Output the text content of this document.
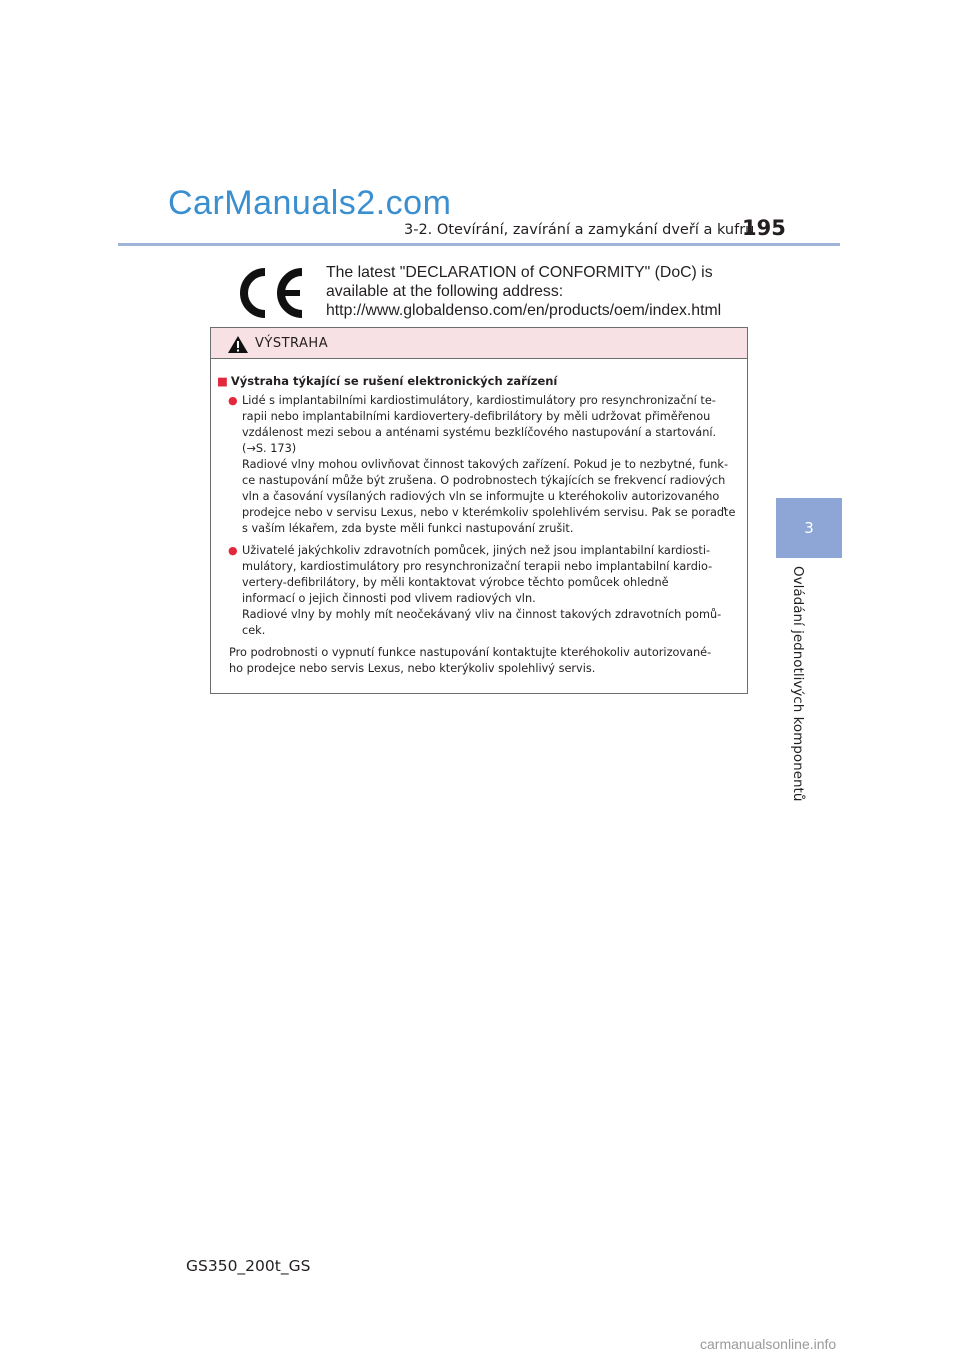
CarManuals2.com
3-2. Otevírání, zavírání a zamykání dveří a kufru
195
3
Ovládání jednotlivých komponentů
The latest "DECLARATION of CONFORMITY" (DoC) is
available at the following address:
http://www.globaldenso.com/en/products/oem/index.html
VÝSTRAHA
■ Výstraha týkající se rušení elektronických zařízení
● Lidé s implantabilními kardiostimulátory, kardiostimulátory pro resynchronizační te-
rapii nebo implantabilními kardiovertery-defibrilátory by měli udržovat přiměřenou
vzdálenost mezi sebou a anténami systému bezklíčového nastupování a startování.
(→S. 173)
Radiové vlny mohou ovlivňovat činnost takových zařízení. Pokud je to nezbytné, funk-
ce nastupování může být zrušena. O podrobnostech týkajících se frekvencí radiových
vln a časování vysílaných radiových vln se informujte u kteréhokoliv autorizovaného
prodejce nebo v servisu Lexus, nebo v kterémkoliv spolehlivém servisu. Pak se poraďte
s vaším lékařem, zda byste měli funkci nastupování zrušit.
● Uživatelé jakýchkoliv zdravotních pomůcek, jiných než jsou implantabilní kardiosti-
mulátory, kardiostimulátory pro resynchronizační terapii nebo implantabilní kardio-
vertery-defibrilátory, by měli kontaktovat výrobce těchto pomůcek ohledně
informací o jejich činnosti pod vlivem radiových vln.
Radiové vlny by mohly mít neočekávaný vliv na činnost takových zdravotních pomů-
cek.
Pro podrobnosti o vypnutí funkce nastupování kontaktujte kteréhokoliv autorizované-
ho prodejce nebo servis Lexus, nebo kterýkoliv spolehlivý servis.
GS350_200t_GS
carmanualsonline.info
